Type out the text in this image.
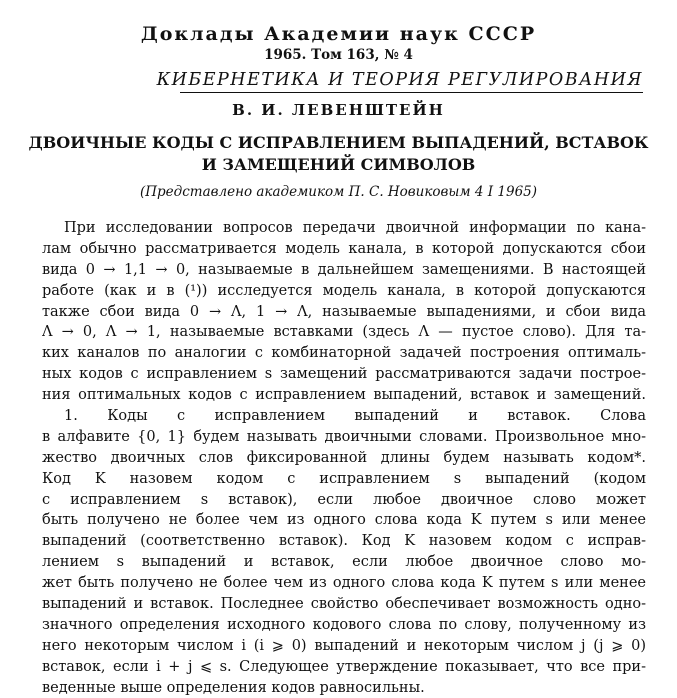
Доклады Академии наук СССР
1965. Том 163, № 4
КИБЕРНЕТИКА И ТЕОРИЯ РЕГУЛИРОВАНИЯ
В. И. ЛЕВЕНШТЕЙН
ДВОИЧНЫЕ КОДЫ С ИСПРАВЛЕНИЕМ ВЫПАДЕНИЙ, ВСТАВОК
И ЗАМЕЩЕНИЙ СИМВОЛОВ
(Представлено академиком П. С. Новиковым 4 I 1965)
При исследовании вопросов передачи двоичной информации по кана-
лам обычно рассматривается модель канала, в которой допускаются сбои
вида 0 → 1,1 → 0, называемые в дальнейшем замещениями. В настоящей
работе (как и в (¹)) исследуется модель канала, в которой допускаются
также сбои вида 0 → Λ, 1 → Λ, называемые выпадениями, и сбои вида
Λ → 0, Λ → 1, называемые вставками (здесь Λ — пустое слово). Для та-
ких каналов по аналогии с комбинаторной задачей построения оптималь-
ных кодов с исправлением s замещений рассматриваются задачи построе-
ния оптимальных кодов с исправлением выпадений, вставок и замещений.
1. Коды с исправлением выпадений и вставок. Слова
в алфавите {0, 1} будем называть двоичными словами. Произвольное мно-
жество двоичных слов фиксированной длины будем называть кодом*.
Код K назовем кодом с исправлением s выпадений (кодом
с исправлением s вставок), если любое двоичное слово может
быть получено не более чем из одного слова кода K путем s или менее
выпадений (соответственно вставок). Код K назовем кодом с исправ-
лением s выпадений и вставок, если любое двоичное слово мо-
жет быть получено не более чем из одного слова кода K путем s или менее
выпадений и вставок. Последнее свойство обеспечивает возможность одно-
значного определения исходного кодового слова по слову, полученному из
него некоторым числом i (i ⩾ 0) выпадений и некоторым числом j (j ⩾ 0)
вставок, если i + j ⩽ s. Следующее утверждение показывает, что все при-
веденные выше определения кодов равносильны.
